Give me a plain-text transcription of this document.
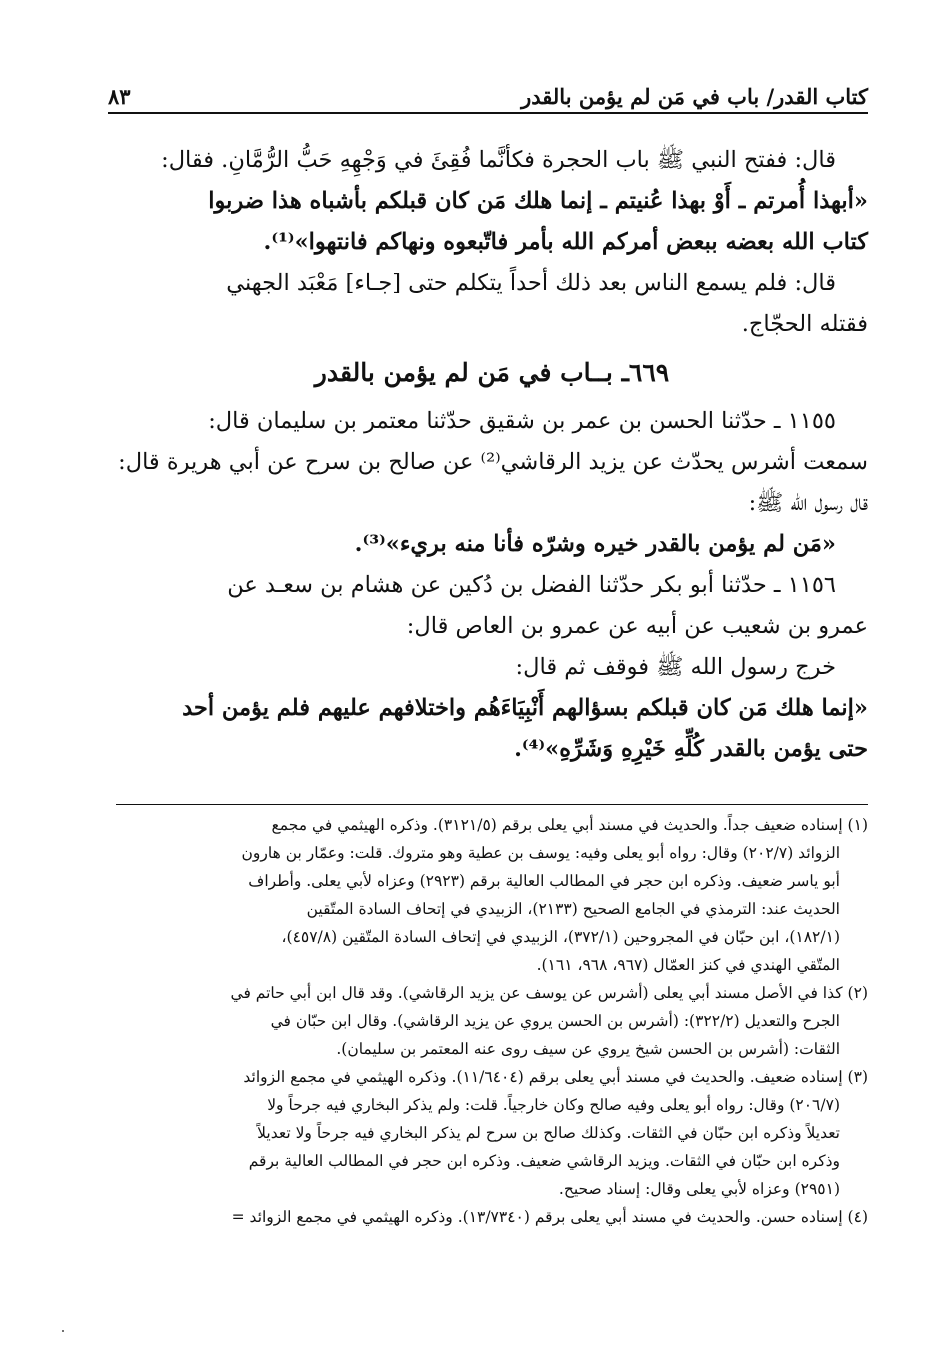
كتاب القدر/ باب في مَن لم يؤمن بالقدر
٨٣
قال: ففتح النبي ﷺ باب الحجرة فكأنَّما فُقِئَ في وَجْهِهِ حَبُّ الرُّمَّانِ. فقال:
«أبهذا أُمرتم ـ أَوْ بهذا عُنيتم ـ إنما هلك مَن كان قبلكم بأشباه هذا ضربوا
كتاب الله بعضه ببعض أمركم الله بأمر فاتّبعوه ونهاكم فانتهوا»⁽¹⁾.
قال: فلم يسمع الناس بعد ذلك أحداً يتكلم حتى [جـاء] مَعْبَد الجهني
فقتله الحجّاج.
٦٦٩ـ بــاب في مَن لم يؤمن بالقدر
١١٥٥ ـ حدّثنا الحسن بن عمر بن شقيق حدّثنا معتمر بن سليمان قال:
سمعت أشرس يحدّث عن يزيد الرقاشي⁽²⁾ عن صالح بن سرح عن أبي هريرة قال:
قال رسول الله ﷺ:
«مَن لم يؤمن بالقدر خيره وشرّه فأنا منه بريء»⁽³⁾.
١١٥٦ ـ حدّثنا أبو بكر حدّثنا الفضل بن دُكين عن هشام بن سعـد عن
عمرو بن شعيب عن أبيه عن عمرو بن العاص قال:
خرج رسول الله ﷺ فوقف ثم قال:
«إنما هلك مَن كان قبلكم بسؤالهم أَنْبِيَاءَهُم واختلافهم عليهم فلم يؤمن أحد
حتى يؤمن بالقدر كُلِّهِ خَيْرِهِ وَشَرِّهِ»⁽⁴⁾.
(١) إسناده ضعيف جداً. والحديث في مسند أبي يعلى برقم (٣١٢١/٥). وذكره الهيثمي في مجمع
الزوائد (٢٠٢/٧) وقال: رواه أبو يعلى وفيه: يوسف بن عطية وهو متروك. قلت: وعمّار بن هارون
أبو ياسر ضعيف. وذكره ابن حجر في المطالب العالية برقم (٢٩٢٣) وعزاه لأبي يعلى. وأطراف
الحديث عند: الترمذي في الجامع الصحيح (٢١٣٣)، الزبيدي في إتحاف السادة المتّقين
(١٨٢/١)، ابن حبّان في المجروحين (٣٧٢/١)، الزبيدي في إتحاف السادة المتّقين (٤٥٧/٨)،
المتّقي الهندي في كنز العمّال (٩٦٧، ٩٦٨، ١٦١).
(٢) كذا في الأصل مسند أبي يعلى (أشرس عن يوسف عن يزيد الرقاشي). وقد قال ابن أبي حاتم في
الجرح والتعديل (٣٢٢/٢): (أشرس بن الحسن يروي عن يزيد الرقاشي). وقال ابن حبّان في
الثقات: (أشرس بن الحسن شيخ يروي عن سيف روى عنه المعتمر بن سليمان).
(٣) إسناده ضعيف. والحديث في مسند أبي يعلى برقم (١١/٦٤٠٤). وذكره الهيثمي في مجمع الزوائد
(٢٠٦/٧) وقال: رواه أبو يعلى وفيه صالح وكان خارجياً. قلت: ولم يذكر البخاري فيه جرحاً ولا
تعديلاً وذكره ابن حبّان في الثقات. وكذلك صالح بن سرح لم يذكر البخاري فيه جرحاً ولا تعديلاً
وذكره ابن حبّان في الثقات. ويزيد الرقاشي ضعيف. وذكره ابن حجر في المطالب العالية برقم
(٢٩٥١) وعزاه لأبي يعلى وقال: إسناد صحيح.
(٤) إسناده حسن. والحديث في مسند أبي يعلى برقم (١٣/٧٣٤٠). وذكره الهيثمي في مجمع الزوائد =
